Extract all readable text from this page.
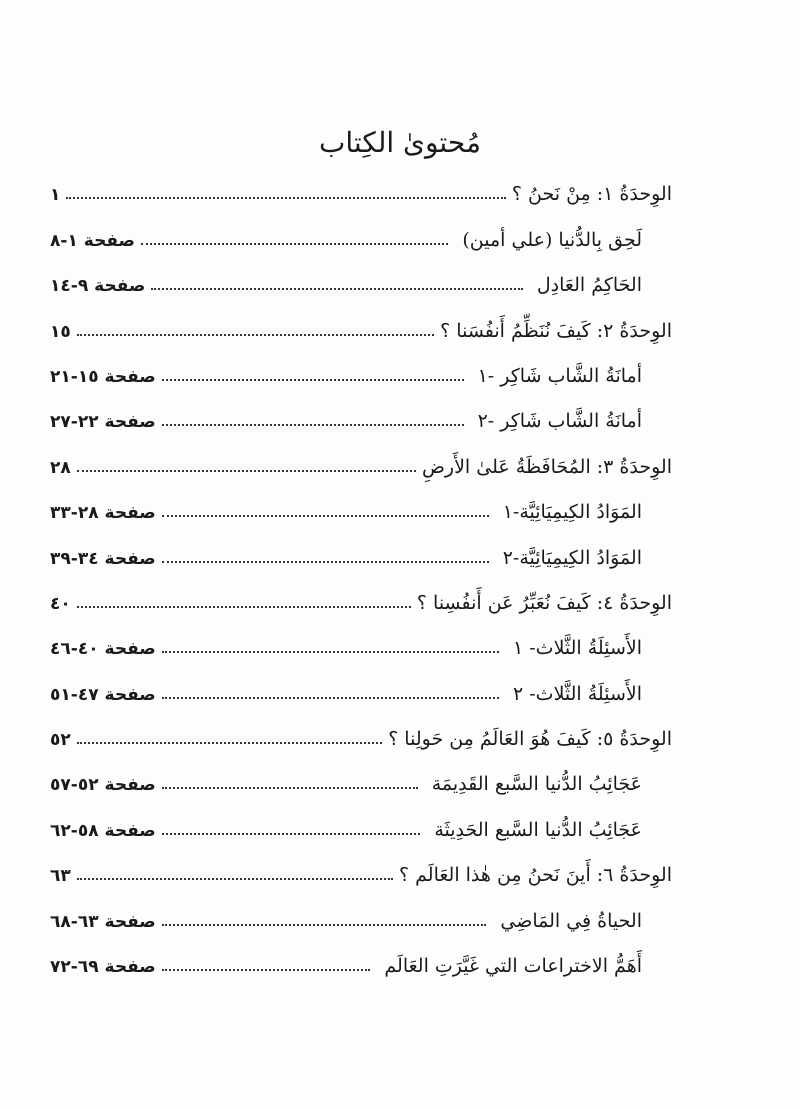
مُحتوىٰ الكِتاب
الوِحدَةُ ١: مِنْ نَحنُ ؟
١
لَحِق بِالدُّنيا (علي أمين)
صفحة ١-٨
الحَاكِمُ العَادِل
صفحة ٩-١٤
الوِحدَةُ ٢: كَيفَ نُنَظِّمُ أَنفُسَنا ؟
١٥
أمانَةُ الشَّاب شَاكِر -١
صفحة ١٥-٢١
أمانَةُ الشَّاب شَاكِر -٢
صفحة ٢٢-٢٧
الوِحدَةُ ٣: المُحَافَظَةُ عَلىٰ الأَرضِ
٢٨
المَوَادُ الكِيمِيَائِيَّة-١
صفحة ٢٨-٣٣
المَوَادُ الكِيمِيَائِيَّة-٢
صفحة ٣٤-٣٩
الوِحدَةُ ٤: كَيفَ نُعَبِّرُ عَن أَنفُسِنا ؟
٤٠
الأَسئِلَةُ الثَّلاث- ١
صفحة ٤٠-٤٦
الأَسئِلَةُ الثَّلاث- ٢
صفحة ٤٧-٥١
الوِحدَةُ ٥: كَيفَ هُوَ العَالَمُ مِن حَولِنا ؟
٥٢
عَجَائِبُ الدُّنيا السَّبع القَدِيمَة
صفحة ٥٢-٥٧
عَجَائِبُ الدُّنيا السَّبع الحَدِيثَة
صفحة ٥٨-٦٢
الوِحدَةُ ٦: أَينَ نَحنُ مِن هٰذا العَالَم ؟
٦٣
الحياةُ فِي المَاضِي
صفحة ٦٣-٦٨
أَهَمُّ الاختراعات التي غَيَّرَتِ العَالَم
صفحة ٦٩-٧٢
